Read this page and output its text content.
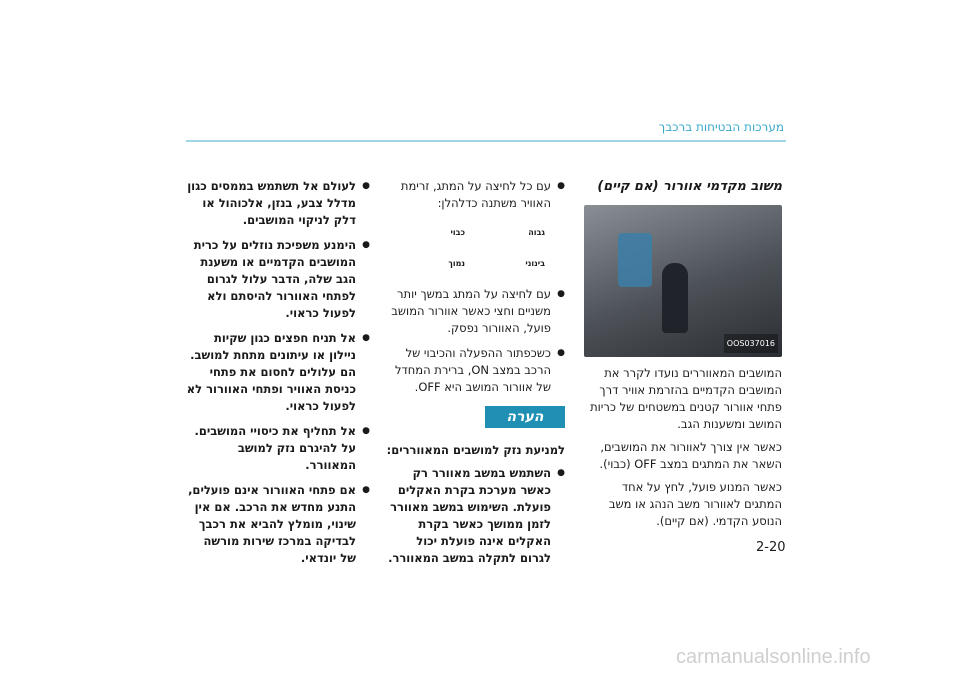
מערכות הבטיחות ברכבך
משוב מקדמי אוורור (אם קיים)
OOS037016

המושבים המאווררים נועדו לקרר את המושבים הקדמיים בהזרמת אוויר דרך פתחי אוורור קטנים במשטחים של כריות המושב ומשענות הגב.

כאשר אין צורך לאוורור את המושבים, השאר את המתגים במצב OFF (כבוי).

כאשר המנוע פועל, לחץ על אחד המתגים לאוורור משב הנהג או משב הנוסע הקדמי. (אם קיים).

● עם כל לחיצה על המתג, זרימת האוויר משתנה כדלהלן:
גבוה
כבוי
בינוני
נמוך
● עם לחיצה על המתג במשך יותר משניים וחצי כאשר אוורור המושב פועל, האוורור נפסק.
● כשכפתור ההפעלה והכיבוי של הרכב במצב ON, ברירת המחדל של אוורור המושב היא OFF.
הערה
למניעת נזק למושבים המאווררים:
● השתמש במשב מאוורר רק כאשר מערכת בקרת האקלים פועלת. השימוש במשב מאוורר לזמן ממושך כאשר בקרת האקלים אינה פועלת יכול לגרום לתקלה במשב המאוורר.
● לעולם אל תשתמש בממסים כגון מדלל צבע, בנזן, אלכוהול או דלק לניקוי המושבים.
● הימנע משפיכת נוזלים על כרית המושבים הקדמיים או משענת הגב שלה, הדבר עלול לגרום לפתחי האוורור להיסתם ולא לפעול כראוי.
● אל תניח חפצים כגון שקיות ניילון או עיתונים מתחת למושב. הם עלולים לחסום את פתחי כניסת האוויר ופתחי האוורור לא לפעול כראוי.
● אל תחליף את כיסויי המושבים. על להיגרם נזק למושב המאוורר.
● אם פתחי האוורור אינם פועלים, התנע מחדש את הרכב. אם אין שינוי, מומלץ להביא את רכבך לבדיקה במרכז שירות מורשה של יונדאי.
2-20
carmanualsonline.info
